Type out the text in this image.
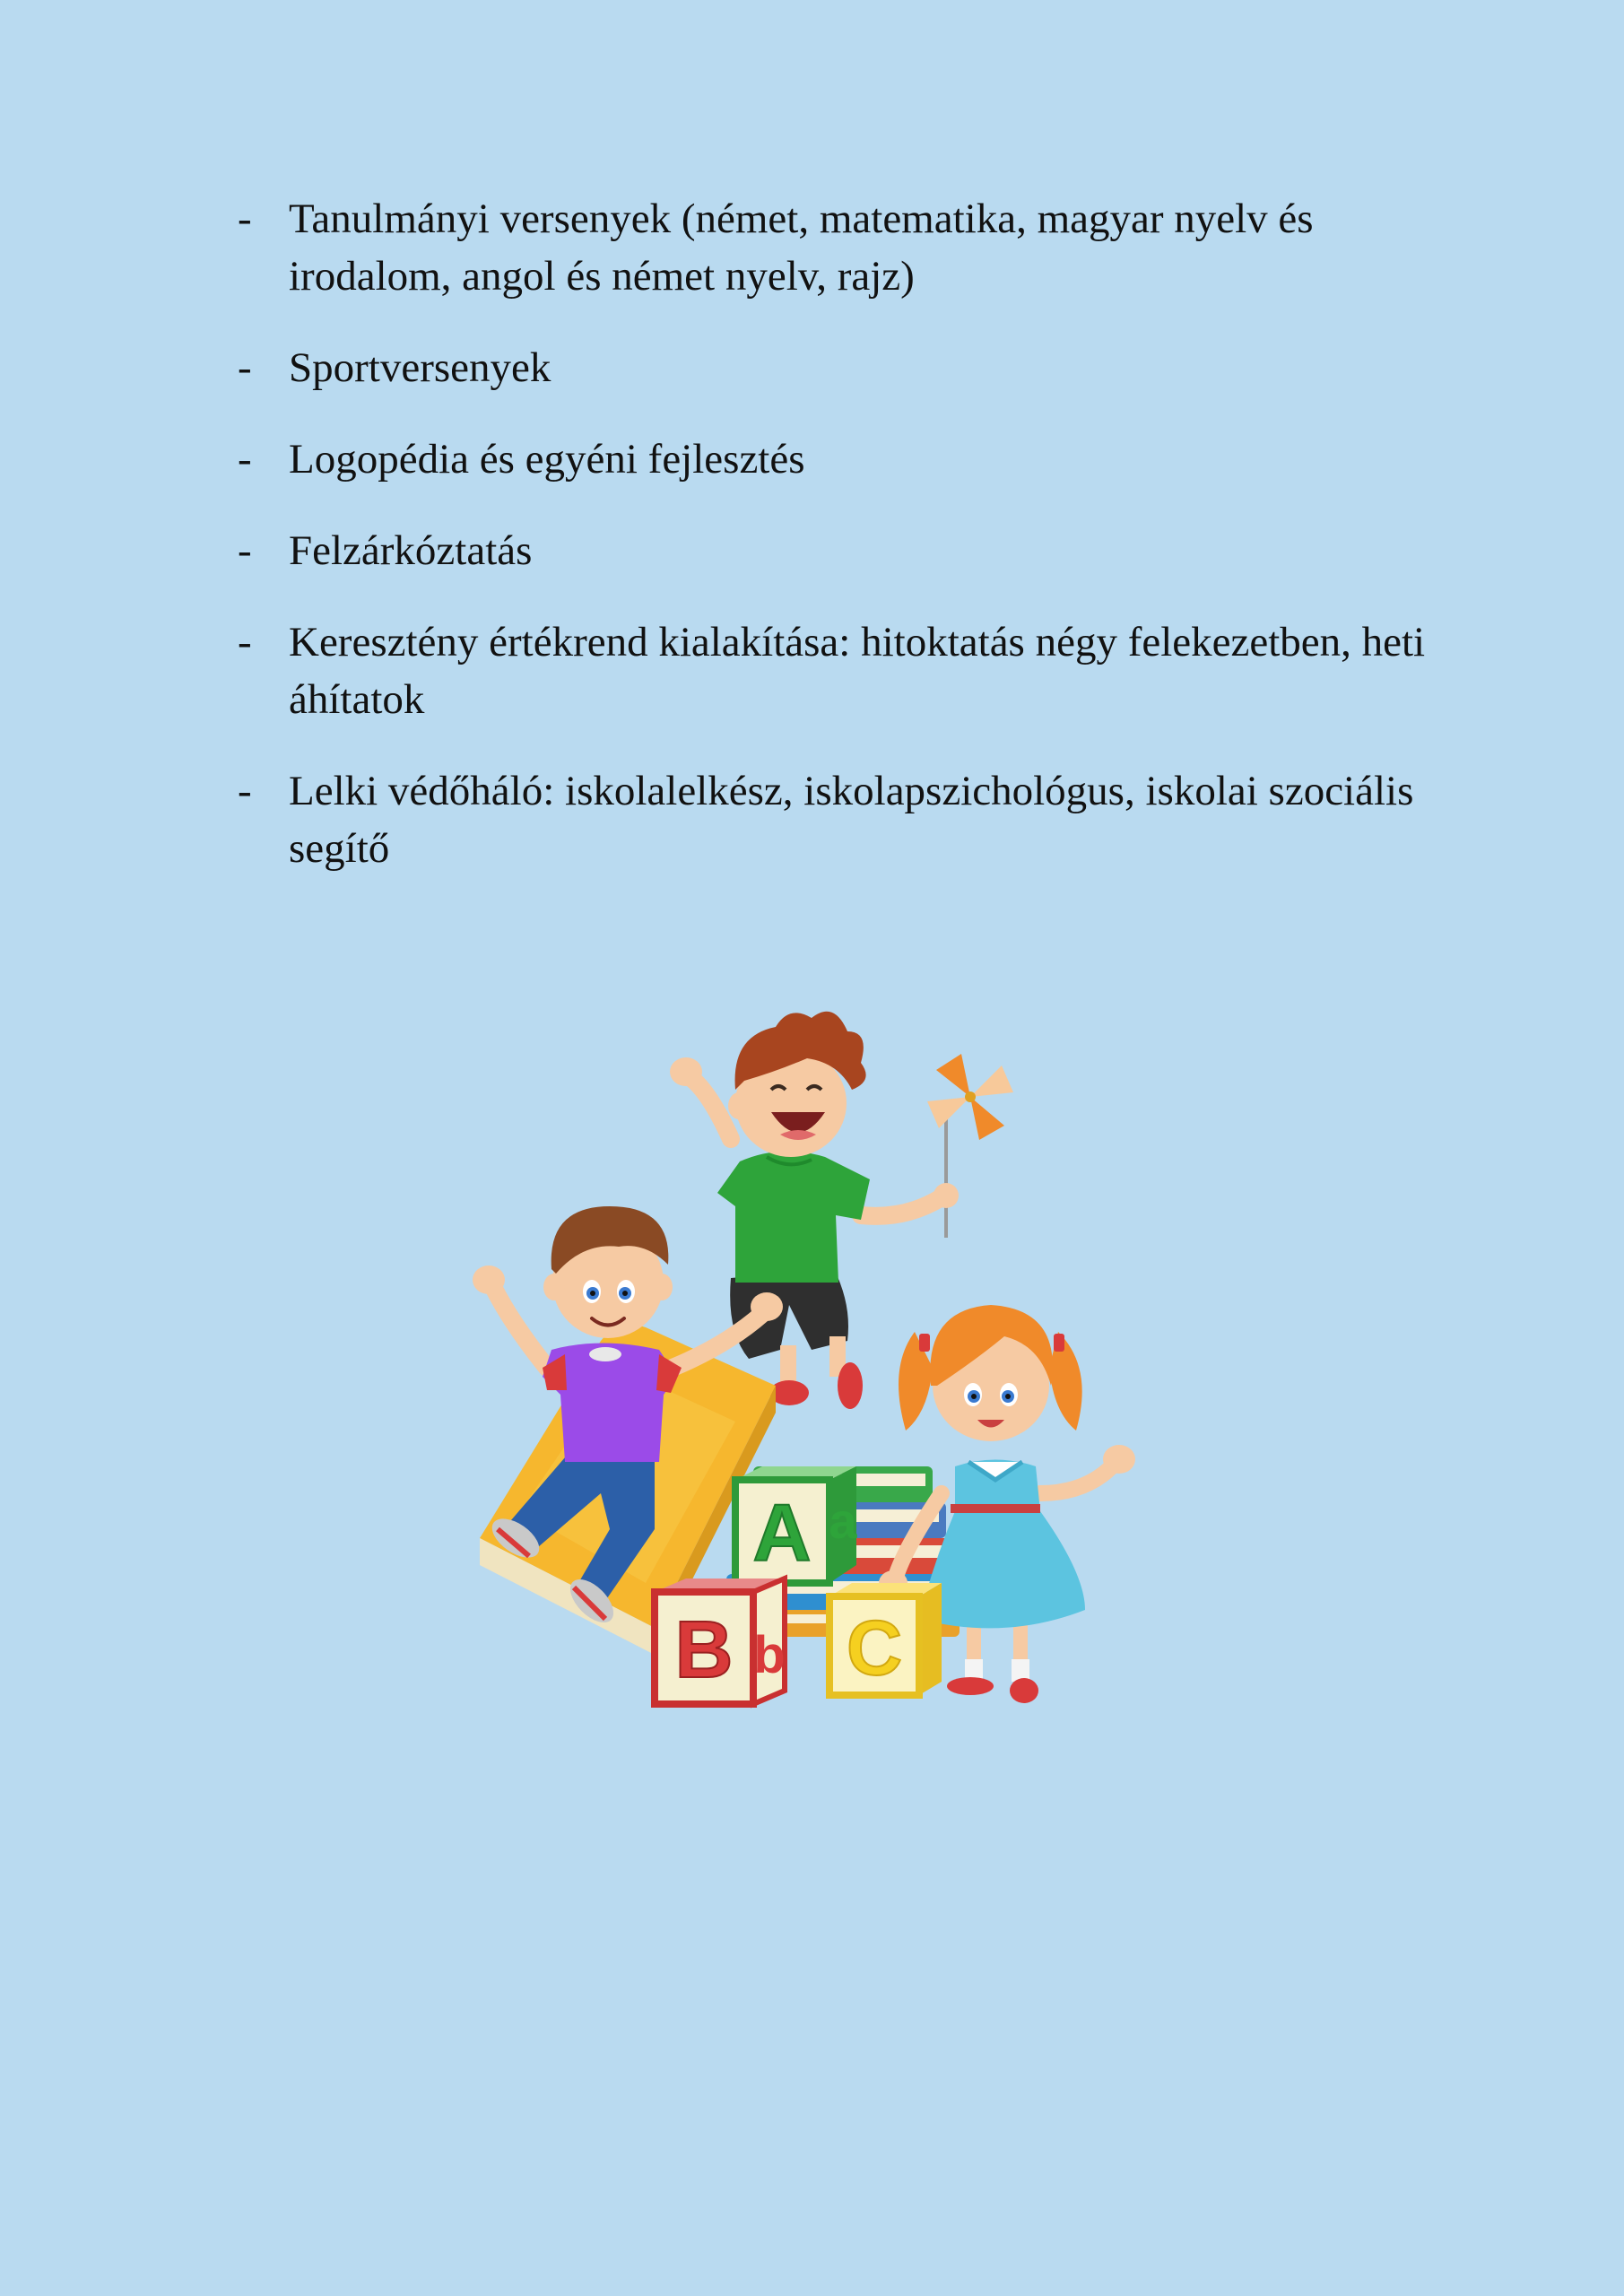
- Tanulmányi versenyek (német, matematika, magyar nyelv és irodalom, angol és német nyelv, rajz)
- Sportversenyek
- Logopédia és egyéni fejlesztés
- Felzárkóztatás
- Keresztény értékrend kialakítása: hitoktatás négy felekezetben, heti áhítatok
- Lelki védőháló: iskolalelkész, iskolapszichológus, iskolai szociális segítő
A a
B b C
